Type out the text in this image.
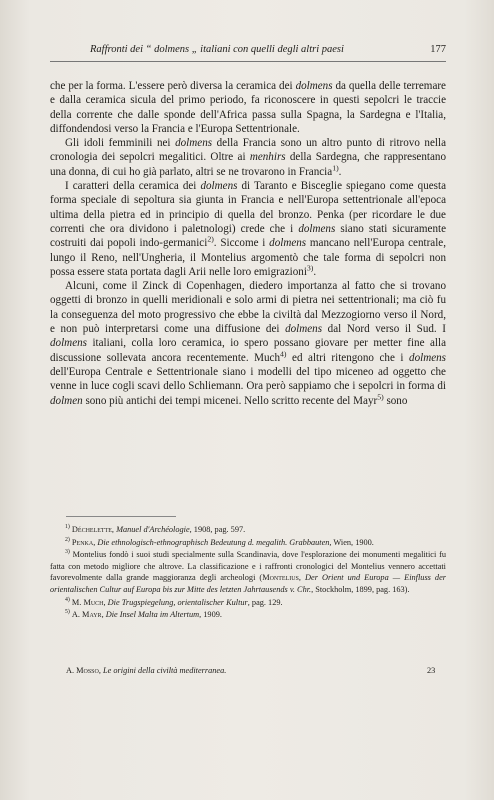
Raffronti dei “ dolmens „ italiani con quelli degli altri paesi	177

che per la forma. L'essere però diversa la ceramica dei dolmens da quella delle terremare e dalla ceramica sicula del primo periodo, fa riconoscere in questi sepolcri le traccie della corrente che dalle sponde dell'Africa passa sulla Spagna, la Sardegna e l'Italia, diffondendosi verso la Francia e l'Europa Settentrionale.

Gli idoli femminili nei dolmens della Francia sono un altro punto di ritrovo nella cronologia dei sepolcri megalitici. Oltre ai menhirs della Sardegna, che rappresentano una donna, di cui ho già parlato, altri se ne trovarono in Francia$^{1)}$.

I caratteri della ceramica dei dolmens di Taranto e Bisceglie spiegano come questa forma speciale di sepoltura sia giunta in Francia e nell'Europa settentrionale all'epoca ultima della pietra ed in principio di quella del bronzo. Penka (per ricordare le due correnti che ora dividono i paletnologi) crede che i dolmens siano stati sicuramente costruiti dai popoli indo-germanici$^{2)}$. Siccome i dolmens mancano nell'Europa centrale, lungo il Reno, nell'Ungheria, il Montelius argomentò che tale forma di sepolcri non possa essere stata portata dagli Arii nelle loro emigrazioni$^{3)}$.

Alcuni, come il Zinck di Copenhagen, diedero importanza al fatto che si trovano oggetti di bronzo in quelli meridionali e solo armi di pietra nei settentrionali; ma ciò fu la conseguenza del moto progressivo che ebbe la civiltà dal Mezzogiorno verso il Nord, e non può interpretarsi come una diffusione dei dolmens dal Nord verso il Sud. I dolmens italiani, colla loro ceramica, io spero possano giovare per metter fine alla discussione sollevata ancora recentemente. Much$^{4)}$ ed altri ritengono che i dolmens dell'Europa Centrale e Settentrionale siano i modelli del tipo miceneo ad oggetto che venne in luce cogli scavi dello Schliemann. Ora però sappiamo che i sepolcri in forma di dolmen sono più antichi dei tempi micenei. Nello scritto recente del Mayr$^{5)}$ sono

$^{1)}$ Déchelette, Manuel d'Archéologie, 1908, pag. 597.

$^{2)}$ Penka, Die ethnologisch-ethnographisch Bedeutung d. megalith. Grabbauten, Wien, 1900.

$^{3)}$ Montelius fondò i suoi studi specialmente sulla Scandinavia, dove l'esplorazione dei monumenti megalitici fu fatta con metodo migliore che altrove. La classificazione e i raffronti cronologici del Montelius vennero accettati favorevolmente dalla grande maggioranza degli archeologi (Montelius, Der Orient und Europa — Einfluss der orientalischen Cultur auf Europa bis zur Mitte des letzten Jahrtausends v. Chr., Stockholm, 1899, pag. 163).

$^{4)}$ M. Much, Die Trugspiegelung, orientalischer Kultur, pag. 129.

$^{5)}$ A. Mayr, Die Insel Malta im Altertum, 1909.

A. Mosso, Le origini della civiltà mediterranea.	23
